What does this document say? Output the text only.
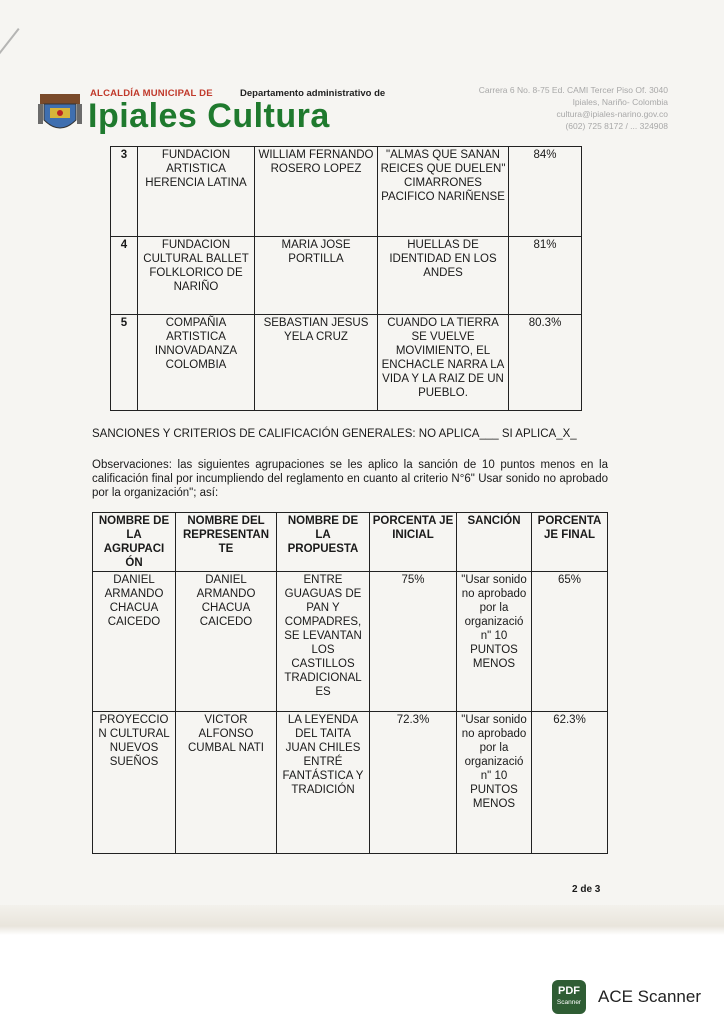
ALCALDÍA MUNICIPAL DE	Departamento administrativo de
Ipiales Cultura
Carrera 6 No. 8-75 Ed. CAMI Tercer Piso Of. 3040
Ipiales, Nariño- Colombia
cultura@ipiales-narino.gov.co
(602) 725 8172 / ... 324908
3	FUNDACION ARTISTICA HERENCIA LATINA	WILLIAM FERNANDO ROSERO LOPEZ	"ALMAS QUE SANAN REICES QUE DUELEN" CIMARRONES PACIFICO NARIÑENSE	84%
4	FUNDACION CULTURAL BALLET FOLKLORICO DE NARIÑO	MARIA JOSE PORTILLA	HUELLAS DE IDENTIDAD EN LOS ANDES	81%
5	COMPAÑIA ARTISTICA INNOVADANZA COLOMBIA	SEBASTIAN JESUS YELA CRUZ	CUANDO LA TIERRA SE VUELVE MOVIMIENTO, EL ENCHACLE NARRA LA VIDA Y LA RAIZ DE UN PUEBLO.	80.3%
SANCIONES Y CRITERIOS DE CALIFICACIÓN GENERALES: NO APLICA___ SI APLICA_X_
Observaciones: las siguientes agrupaciones se les aplico la sanción de 10 puntos menos en la calificación final por incumpliendo del reglamento en cuanto al criterio N°6" Usar sonido no aprobado por la organización"; así:
NOMBRE DE LA AGRUPACI ÓN	NOMBRE DEL REPRESENTAN TE	NOMBRE DE LA PROPUESTA	PORCENTA JE INICIAL	SANCIÓN	PORCENTA JE FINAL
DANIEL ARMANDO CHACUA CAICEDO	DANIEL ARMANDO CHACUA CAICEDO	ENTRE GUAGUAS DE PAN Y COMPADRES, SE LEVANTAN LOS CASTILLOS TRADICIONAL ES	75%	"Usar sonido no aprobado por la organizació n" 10 PUNTOS MENOS	65%
PROYECCIO N CULTURAL NUEVOS SUEÑOS	VICTOR ALFONSO CUMBAL NATI	LA LEYENDA DEL TAITA JUAN CHILES ENTRÉ FANTÁSTICA Y TRADICIÓN	72.3%	"Usar sonido no aprobado por la organizació n" 10 PUNTOS MENOS	62.3%
2 de 3
PDF
Scanner ACE Scanner
